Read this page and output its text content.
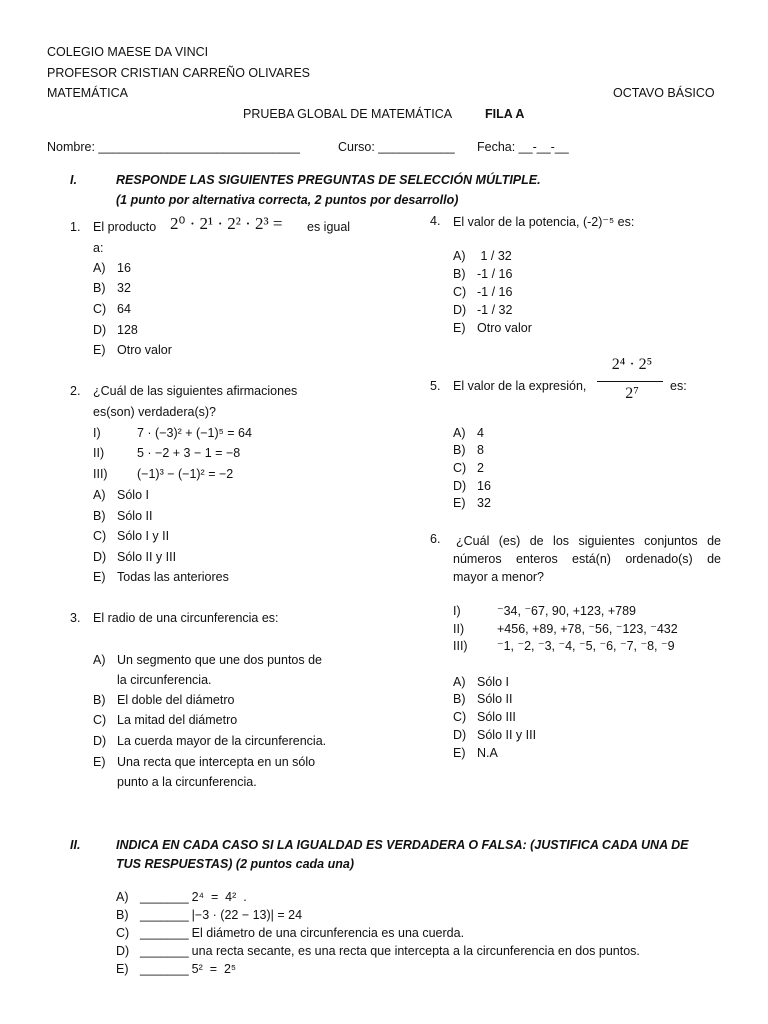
COLEGIO MAESE DA VINCI
PROFESOR CRISTIAN CARREÑO OLIVARES
MATEMÁTICA	OCTAVO BÁSICO
PRUEBA GLOBAL DE MATEMÁTICA	FILA A
Nombre: _____________________________	Curso: ___________ Fecha: __-__-__
I.	RESPONDE LAS SIGUIENTES PREGUNTAS DE SELECCIÓN MÚLTIPLE.
(1 punto por alternativa correcta, 2 puntos por desarrollo)
1. El producto 2⁰ · 2¹ · 2² · 2³ = es igual
a:
A) 16
B) 32
C) 64
D) 128
E) Otro valor
2. ¿Cuál de las siguientes afirmaciones
es(son) verdadera(s)?
I)	7 · (−3)² + (−1)⁵ = 64
II)	5 · −2 + 3 − 1 = −8
III)	(−1)³ − (−1)² = −2
A) Sólo I
B) Sólo II
C) Sólo I y II
D) Sólo II y III
E) Todas las anteriores
3. El radio de una circunferencia es:
A) Un segmento que une dos puntos de
la circunferencia.
B) El doble del diámetro
C) La mitad del diámetro
D) La cuerda mayor de la circunferencia.
E) Una recta que intercepta en un sólo
punto a la circunferencia.
4. El valor de la potencia, (-2)⁻⁵ es:
A) 1 / 32
B) -1 / 16
C) -1 / 16
D) -1 / 32
E) Otro valor
5. El valor de la expresión,
2⁴ · 2⁵
2⁷	es:
A) 4
B) 8
C) 2
D) 16
E) 32
6. ¿Cuál (es) de los siguientes conjuntos de
números enteros está(n) ordenado(s) de
mayor a menor?
I)	⁻34, ⁻67, 90, +123, +789
II)	+456, +89, +78, ⁻56, ⁻123, ⁻432
III)	⁻1, ⁻2, ⁻3, ⁻4, ⁻5, ⁻6, ⁻7, ⁻8, ⁻9
A) Sólo I
B) Sólo II
C) Sólo III
D) Sólo II y III
E) N.A
II.	INDICA EN CADA CASO SI LA IGUALDAD ES VERDADERA O FALSA: (JUSTIFICA CADA UNA DE
TUS RESPUESTAS) (2 puntos cada una)
A) _______ 2⁴  =  4²  .
B) _______ |−3 · (22 − 13)| = 24
C) _______ El diámetro de una circunferencia es una cuerda.
D) _______ una recta secante, es una recta que intercepta a la circunferencia en dos puntos.
E) _______ 5²  =  2⁵
